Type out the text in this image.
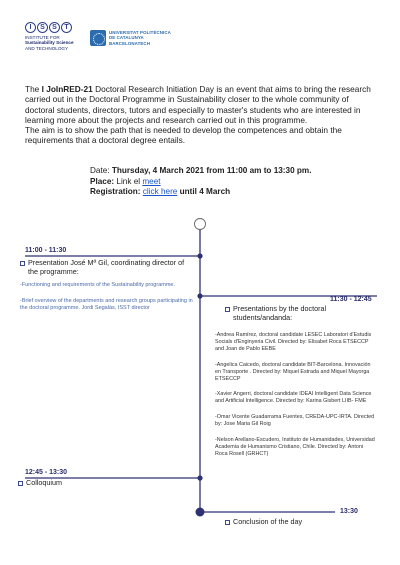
I	S	S	T
INSTITUTE FOR
Sustainability Science
AND TECHNOLOGY
UNIVERSITAT POLITÈCNICA
DE CATALUNYA
BARCELONATECH
The I JoInRED-21 Doctoral Research Initiation Day is an event that aims to bring the research carried out in the Doctoral Programme in Sustainability closer to the whole community of doctoral students, directors, tutors and especially to master's students who are interested in learning more about the projects and research carried out in this programme.
The aim is to show the path that is needed to develop the competences and obtain the requirements that a doctoral degree entails.
Date: Thursday, 4 March 2021 from 11:00 am to 13:30 pm.
Place: Link el meet
Registration: click here until 4 March
11:00 - 11:30
11:30 - 12:45
12:45 - 13:30
13:30
Presentation José Mª Gil, coordinating director of the programme:
-Functioning and requirements of the Sustainability programme.
-Brief overview of the departments and research groups participating in the doctoral programme. Jordi Segalàs, ISST director	Presentations by the doctoral students/andanda:
-Andrea Ramírez, doctoral candidate LESEC Laboratori d'Estudis Socials d'Enginyeria Civil. Directed by: Elisabet Roca ETSECCP and Joan de Pablo EEBE
-Angelica Caicedo, doctoral candidate BIT-Barcelona. Innovación en Transporte . Directed by: Miquel Estrada and Miquel Mayorga ETSECCP
-Xavier Angerri, doctoral candidate IDEAI Intelligent Data Science and Artificial Intelligence. Directed by: Karina Gisbert LIIB- FME
-Omar Vicente Guadarrama Fuentes, CREDA-UPC-IRTA. Directed by: Jose Maria Gil Roig
-Nelson Arellano-Escudero, Instituto de Humanidades, Universidad Academia de Humanismo Cristiano, Chile. Directed by: Antoni Roca Rosell (GRHCT)
Colloquium
Conclusion of the day
